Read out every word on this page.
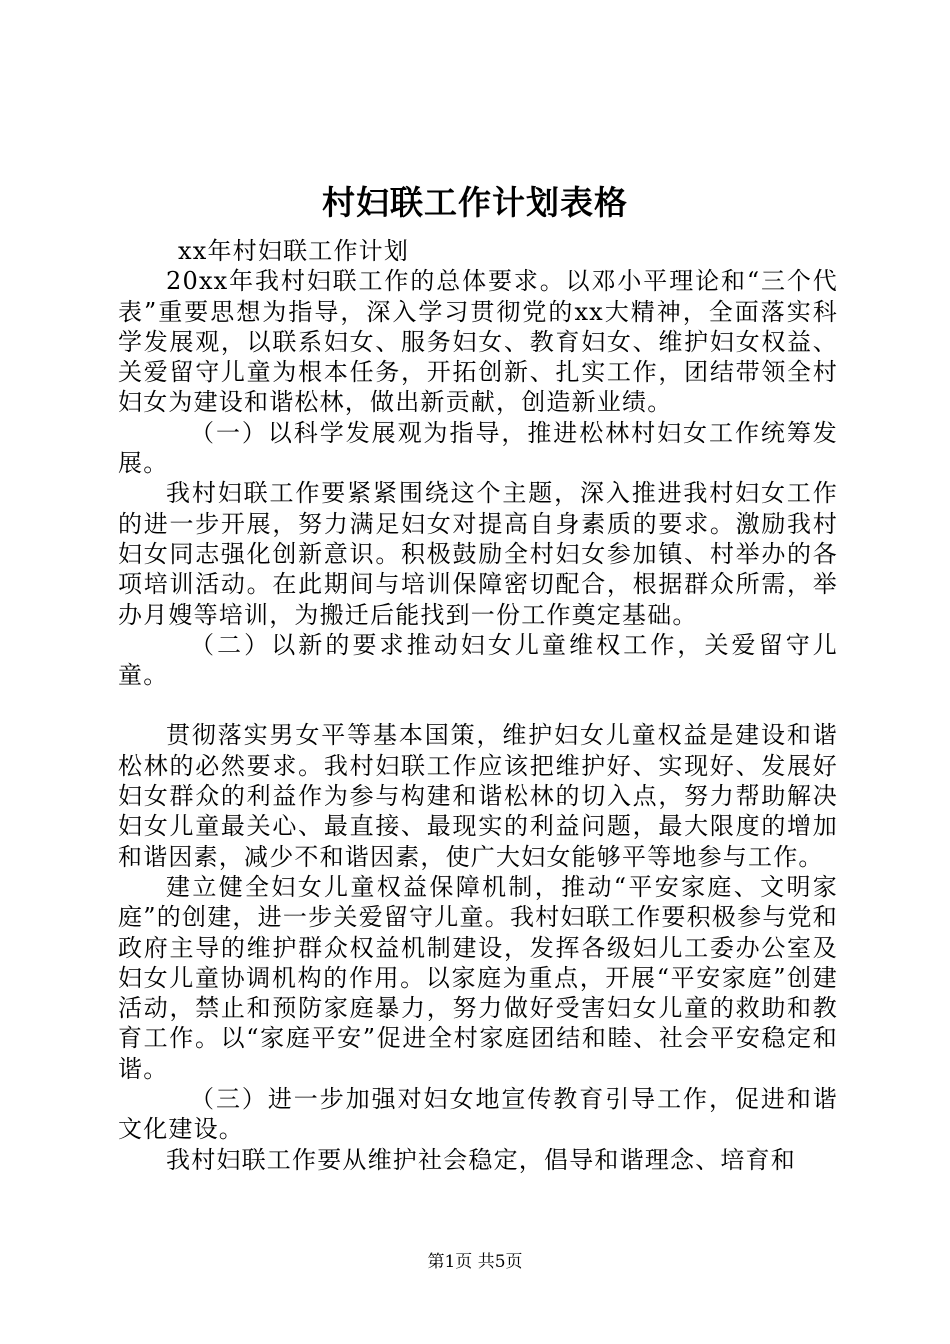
村妇联工作计划表格

xx年村妇联工作计划

20xx年我村妇联工作的总体要求。以邓小平理论和“三个代表”重要思想为指导，深入学习贯彻党的xx大精神，全面落实科学发展观，以联系妇女、服务妇女、教育妇女、维护妇女权益、关爱留守儿童为根本任务，开拓创新、扎实工作，团结带领全村妇女为建设和谐松林，做出新贡献，创造新业绩。

（一）以科学发展观为指导，推进松林村妇女工作统筹发展。

我村妇联工作要紧紧围绕这个主题，深入推进我村妇女工作的进一步开展，努力满足妇女对提高自身素质的要求。激励我村妇女同志强化创新意识。积极鼓励全村妇女参加镇、村举办的各项培训活动。在此期间与培训保障密切配合，根据群众所需，举办月嫂等培训，为搬迁后能找到一份工作奠定基础。

（二）以新的要求推动妇女儿童维权工作，关爱留守儿童。

贯彻落实男女平等基本国策，维护妇女儿童权益是建设和谐松林的必然要求。我村妇联工作应该把维护好、实现好、发展好妇女群众的利益作为参与构建和谐松林的切入点，努力帮助解决妇女儿童最关心、最直接、最现实的利益问题，最大限度的增加和谐因素，减少不和谐因素，使广大妇女能够平等地参与工作。

建立健全妇女儿童权益保障机制，推动“平安家庭、文明家庭”的创建，进一步关爱留守儿童。我村妇联工作要积极参与党和政府主导的维护群众权益机制建设，发挥各级妇儿工委办公室及妇女儿童协调机构的作用。以家庭为重点，开展“平安家庭”创建活动，禁止和预防家庭暴力，努力做好受害妇女儿童的救助和教育工作。以“家庭平安”促进全村家庭团结和睦、社会平安稳定和谐。

（三）进一步加强对妇女地宣传教育引导工作，促进和谐文化建设。

我村妇联工作要从维护社会稳定，倡导和谐理念、培育和

第1页 共5页
